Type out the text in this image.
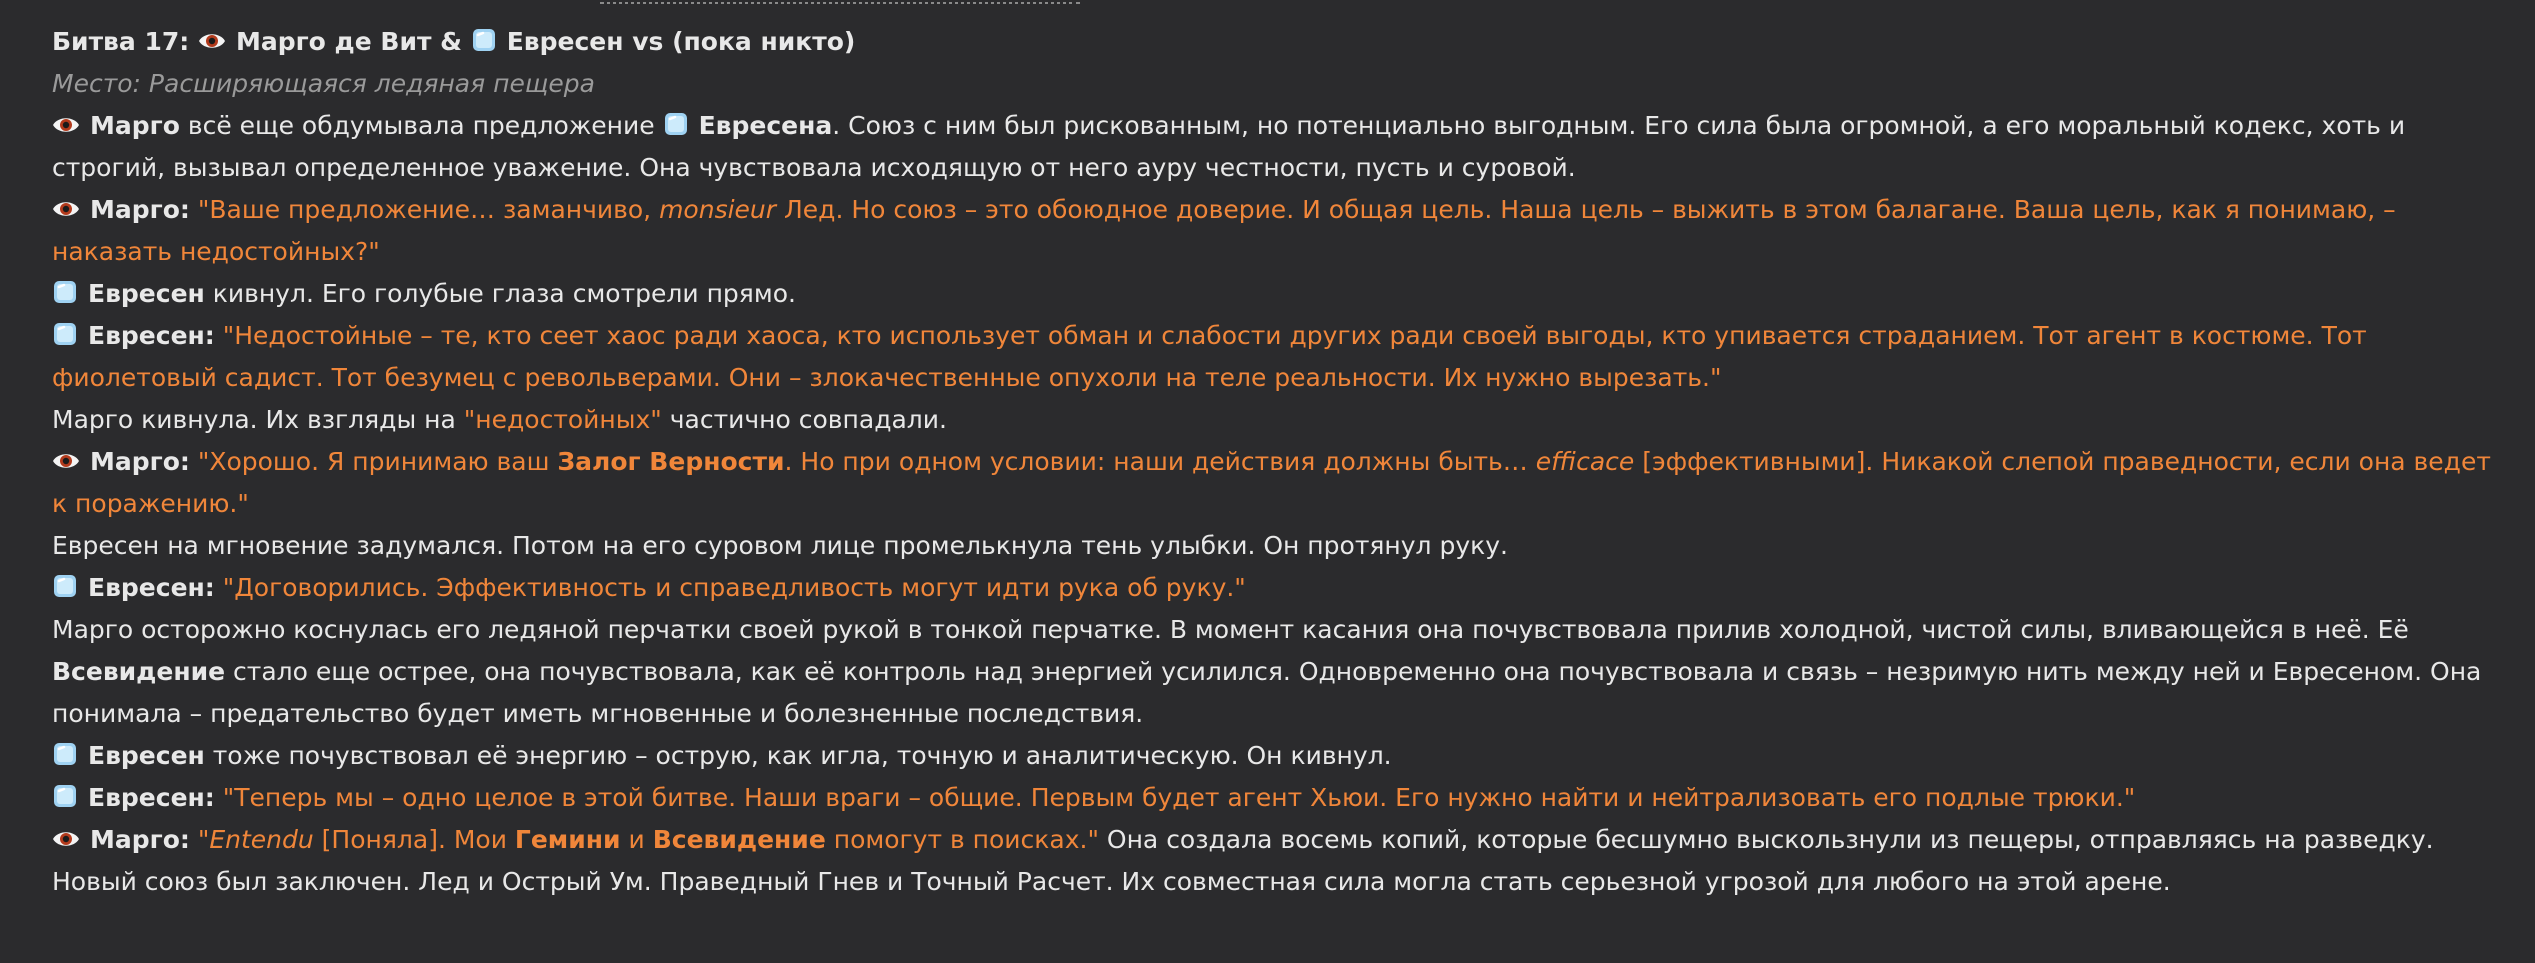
Битва 17: Марго де Вит & Евресен vs (пока никто)

Место: Расширяющаяся ледяная пещера

Марго всё еще обдумывала предложение
Евресена. Союз с ним был рискованным, но потенциально выгодным. Его сила была огромной, а его моральный кодекс, хоть и строгий, вызывал определенное уважение. Она чувствовала исходящую от него ауру честности, пусть и суровой.

Марго: "Ваше предложение… заманчиво, monsieur Лед. Но союз – это обоюдное доверие. И общая цель. Наша цель – выжить в этом балагане. Ваша цель, как я понимаю, – наказать недостойных?"

Евресен кивнул. Его голубые глаза смотрели прямо.

Евресен: "Недостойные – те, кто сеет хаос ради хаоса, кто использует обман и слабости других ради своей выгоды, кто упивается страданием. Тот агент в костюме. Тот фиолетовый садист. Тот безумец с револьверами. Они – злокачественные опухоли на теле реальности. Их нужно вырезать."

Марго кивнула. Их взгляды на "недостойных" частично совпадали.

Марго: "Хорошо. Я принимаю ваш Залог Верности. Но при одном условии: наши действия должны быть… efficace [эффективными]. Никакой слепой праведности, если она ведет к поражению."

Евресен на мгновение задумался. Потом на его суровом лице промелькнула тень улыбки. Он протянул руку.

Евресен: "Договорились. Эффективность и справедливость могут идти рука об руку."

Марго осторожно коснулась его ледяной перчатки своей рукой в тонкой перчатке. В момент касания она почувствовала прилив холодной, чистой силы, вливающейся в неё. Её Всевидение стало еще острее, она почувствовала, как её контроль над энергией усилился. Одновременно она почувствовала и связь – незримую нить между ней и Евресеном. Она понимала – предательство будет иметь мгновенные и болезненные последствия.

Евресен тоже почувствовал её энергию – острую, как игла, точную и аналитическую. Он кивнул.

Евресен: "Теперь мы – одно целое в этой битве. Наши враги – общие. Первым будет агент Хьюи. Его нужно найти и нейтрализовать его подлые трюки."

Марго: "Entendu [Поняла]. Мои Гемини и Всевидение помогут в поисках." Она создала восемь копий, которые бесшумно выскользнули из пещеры, отправляясь на разведку.

Новый союз был заключен. Лед и Острый Ум. Праведный Гнев и Точный Расчет. Их совместная сила могла стать серьезной угрозой для любого на этой арене.
